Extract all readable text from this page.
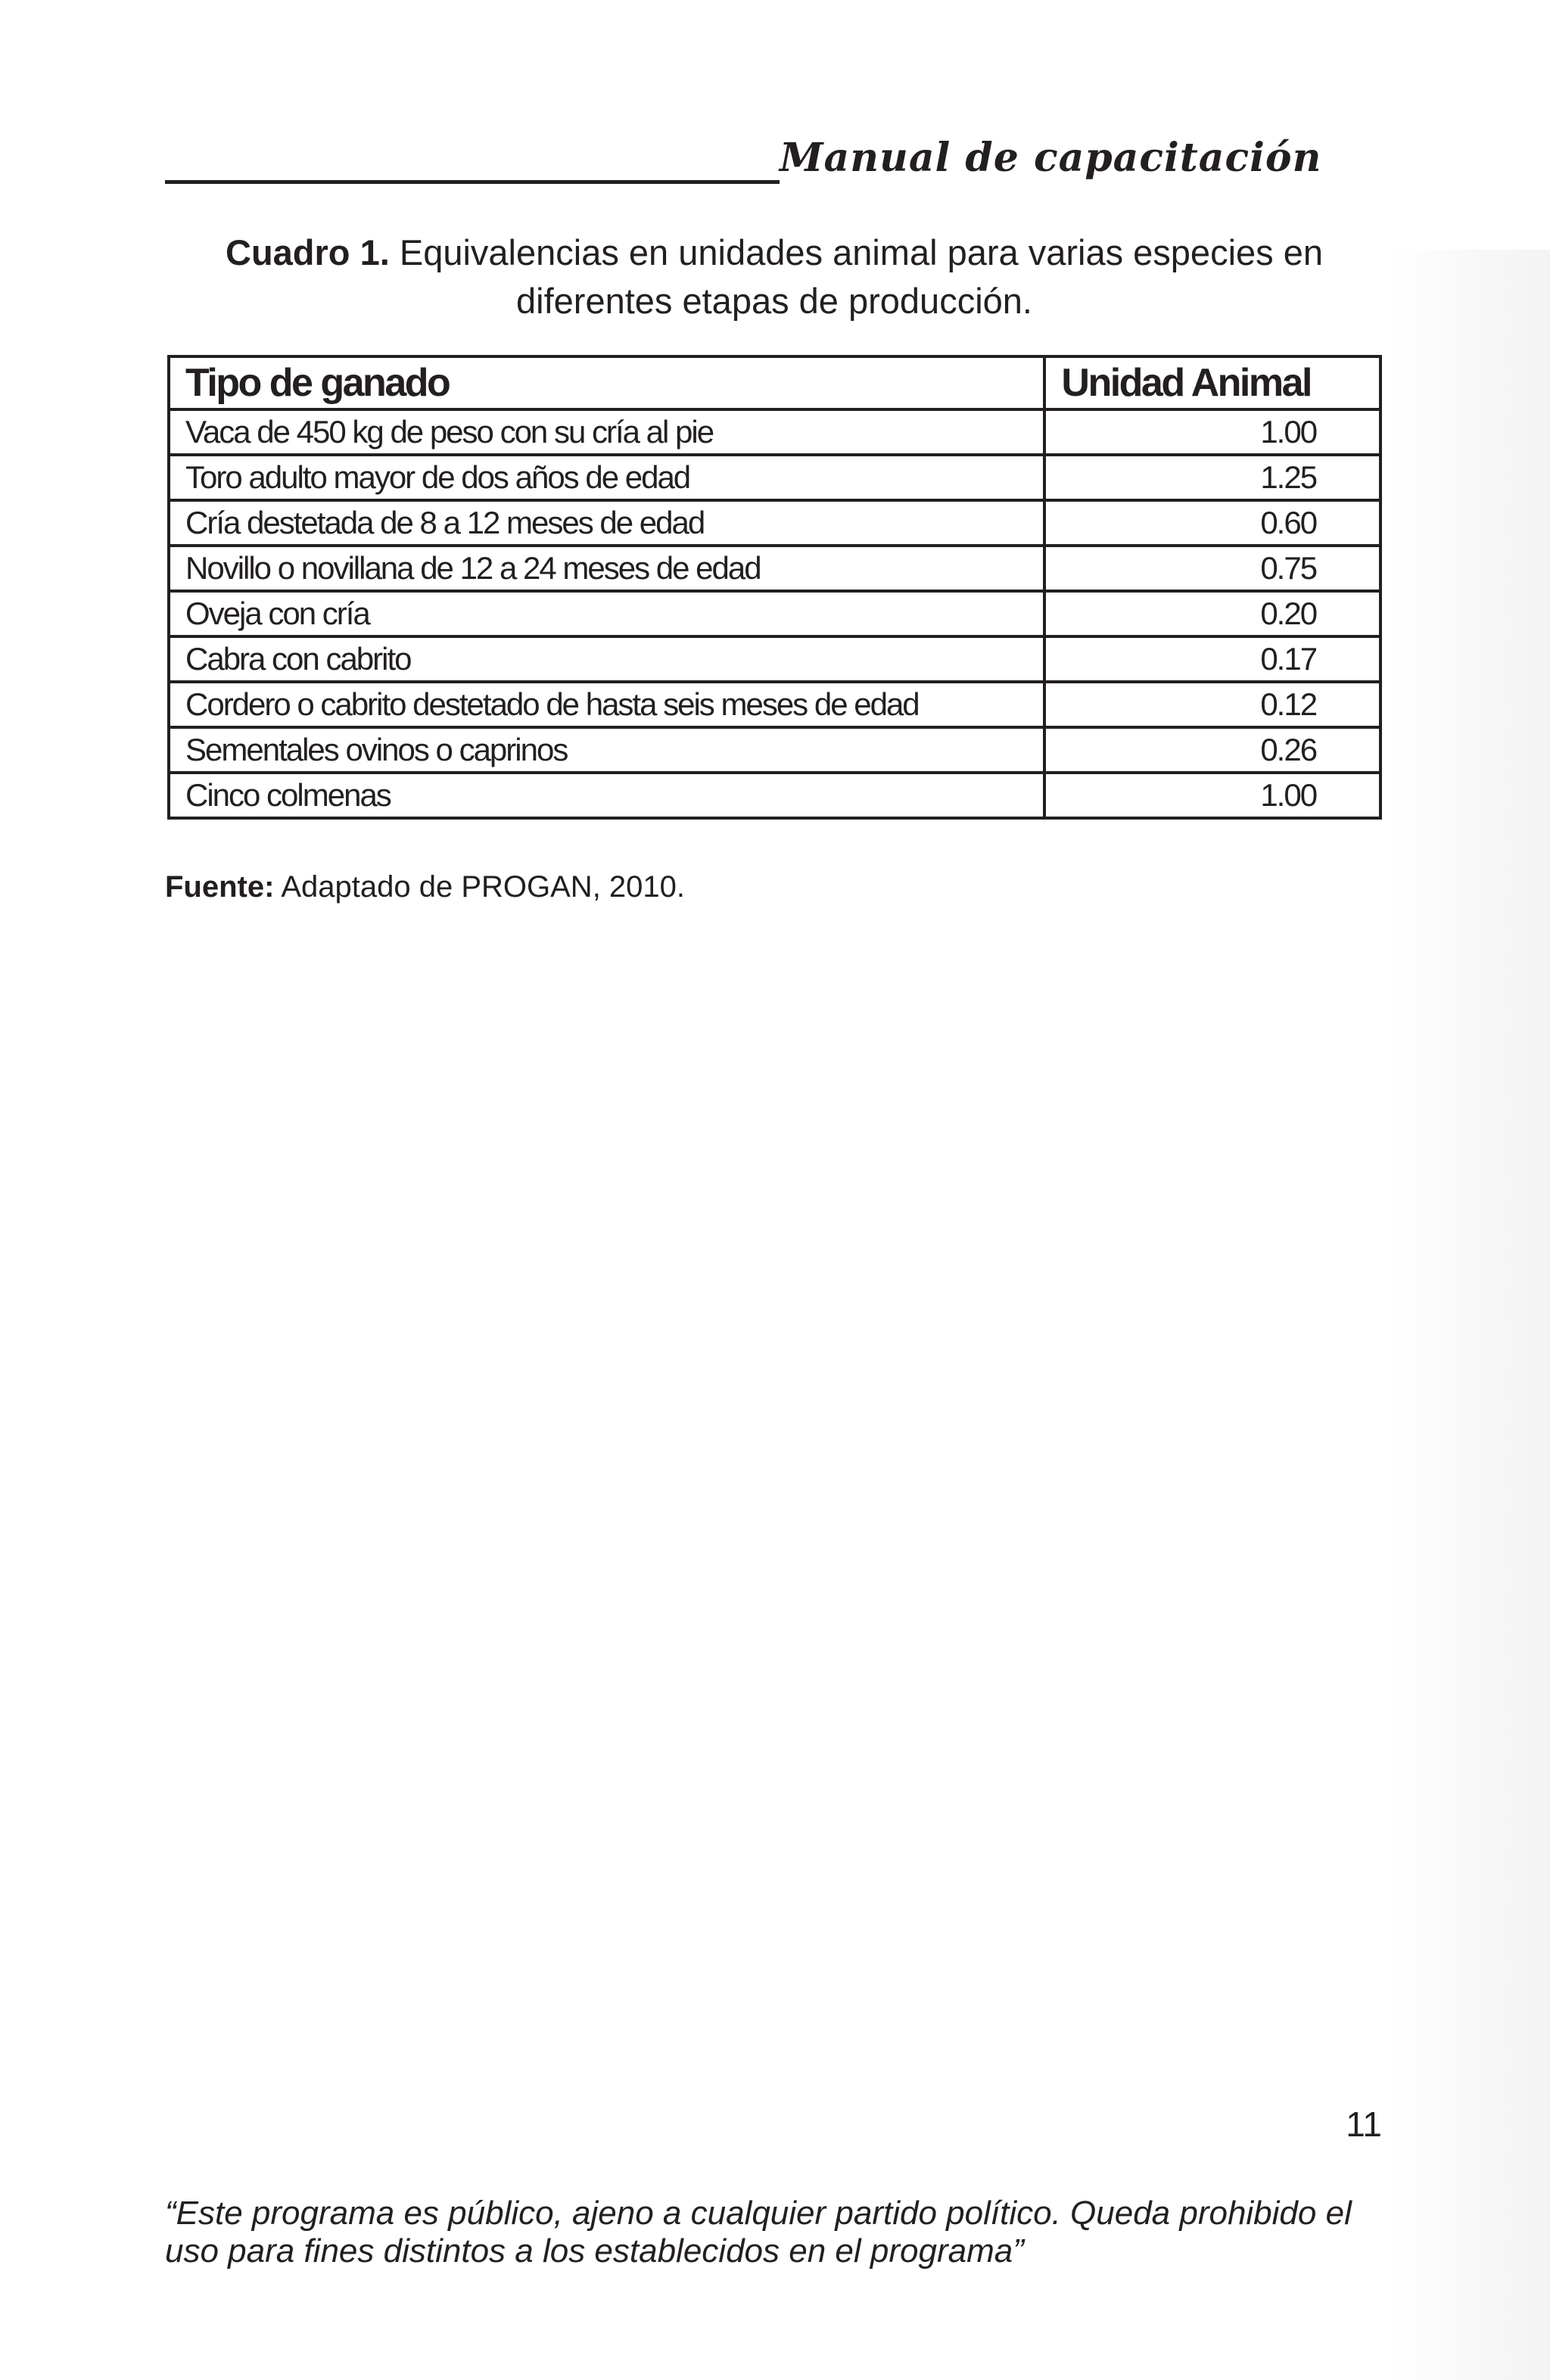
Manual de capacitación
Cuadro 1. Equivalencias en unidades animal para varias especies en diferentes etapas de producción.
Tipo de ganado	Unidad Animal
Vaca de 450 kg de peso con su cría al pie	1.00
Toro adulto mayor de dos años de edad	1.25
Cría destetada de 8 a 12 meses de edad	0.60
Novillo o novillana de 12 a 24 meses de edad	0.75
Oveja con cría	0.20
Cabra con cabrito	0.17
Cordero o cabrito destetado de hasta seis meses de edad	0.12
Sementales ovinos o caprinos	0.26
Cinco colmenas	1.00
Fuente: Adaptado de PROGAN, 2010.
11
“Este programa es público, ajeno a cualquier partido político. Queda prohibido el uso para fines distintos a los establecidos en el programa”
